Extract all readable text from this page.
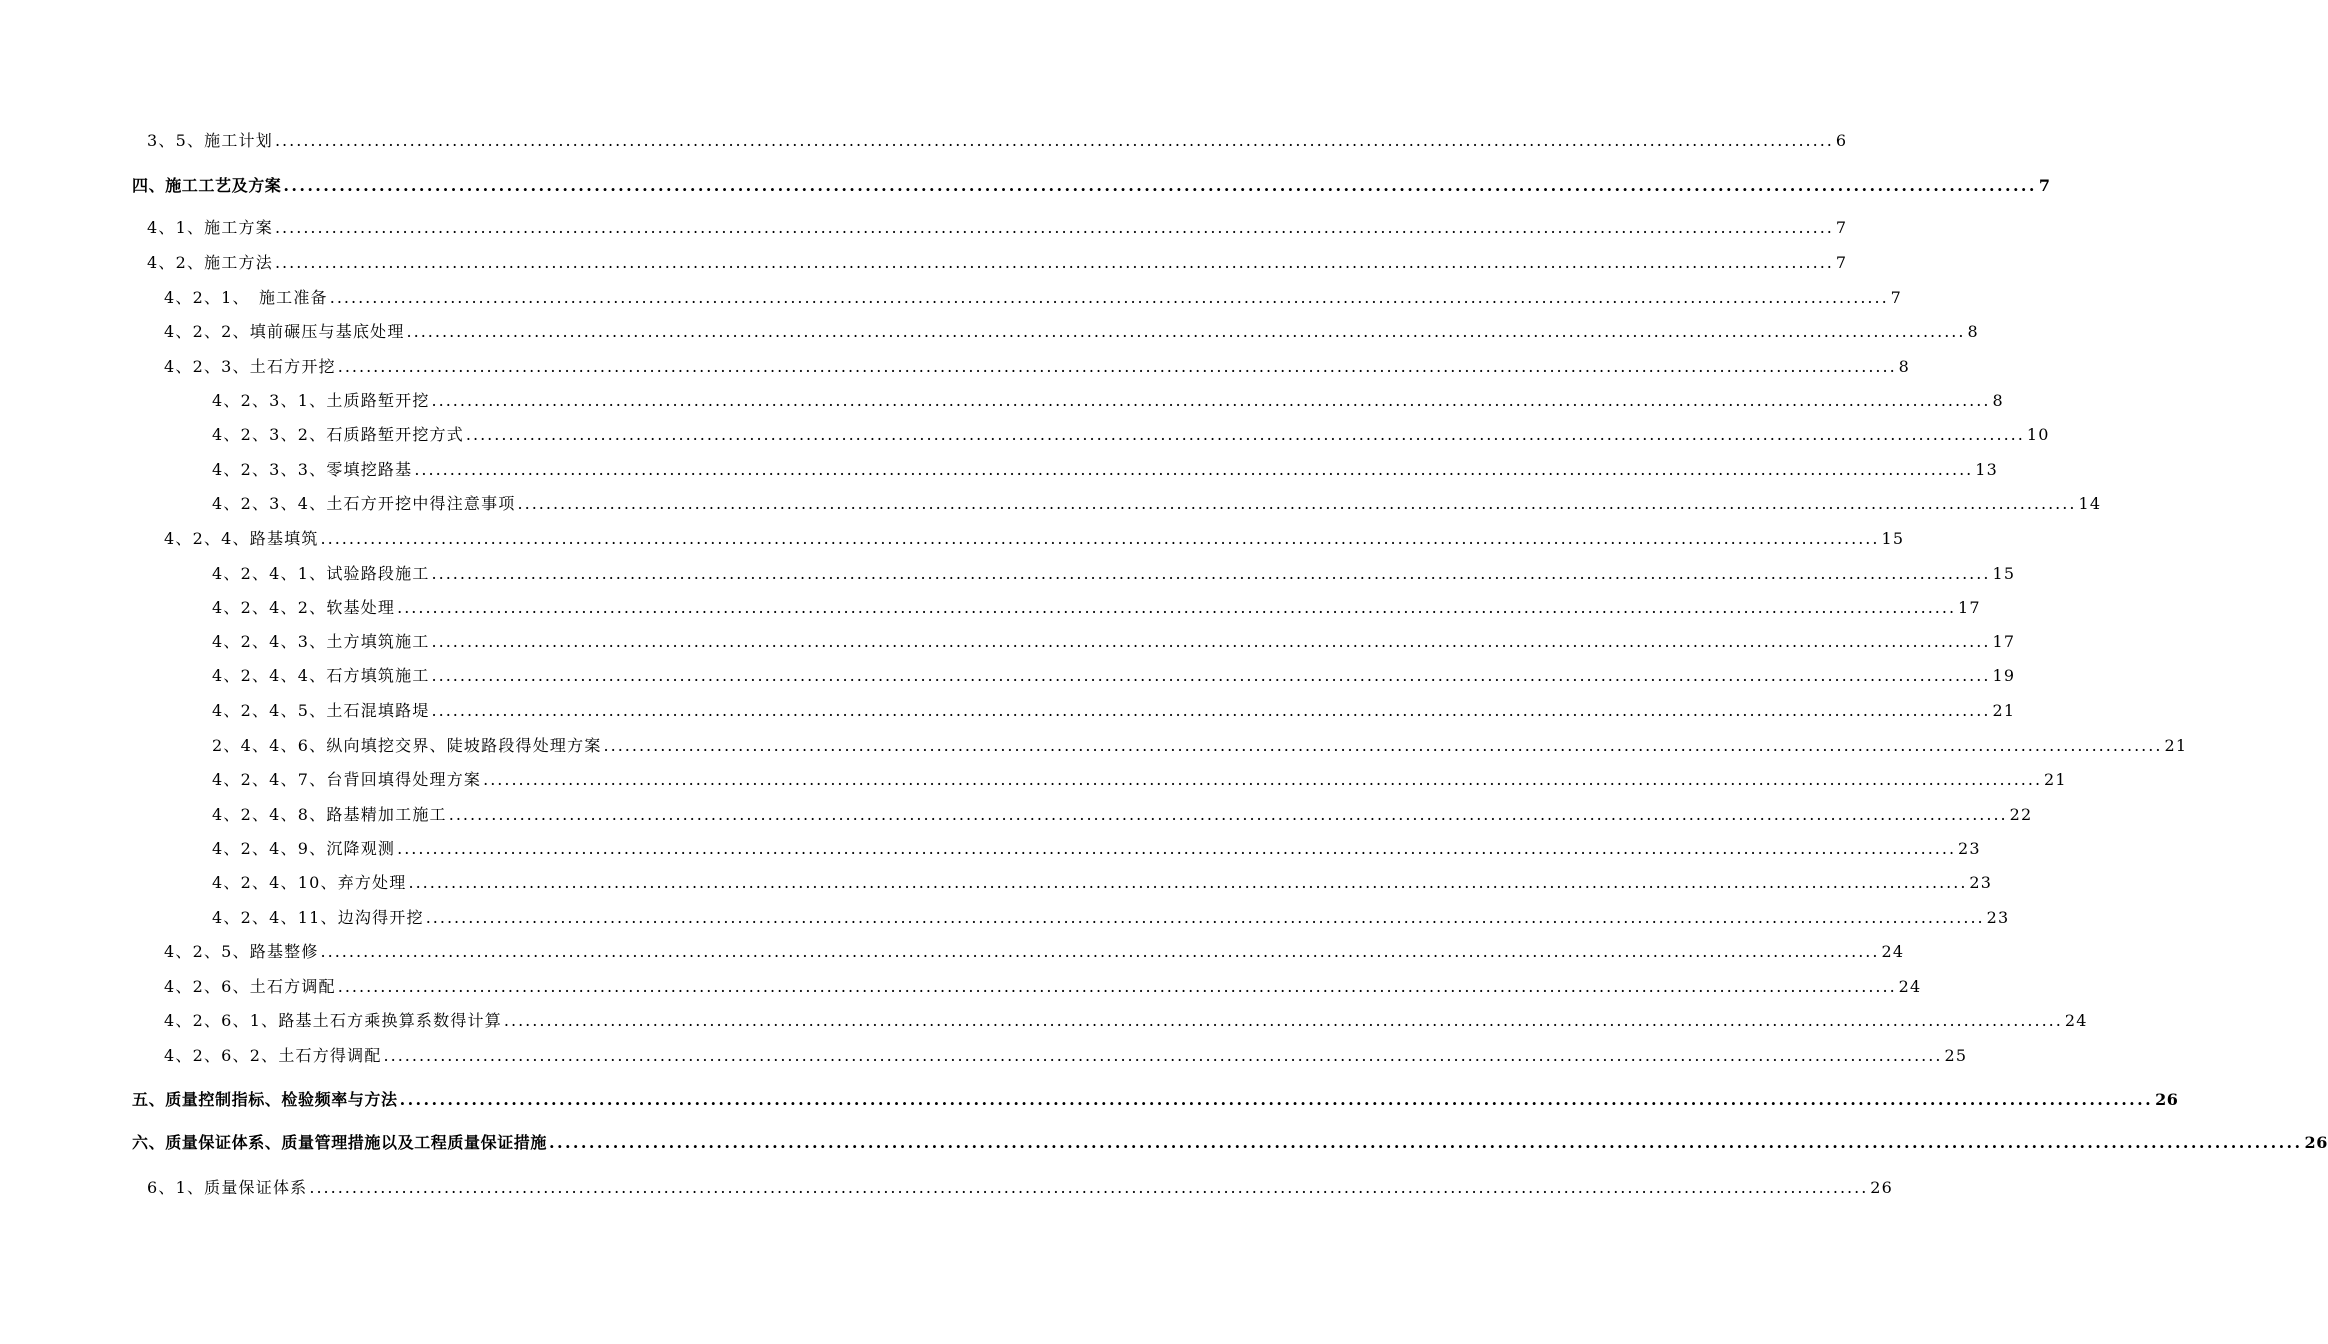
3、5、施工计划 ............................................................................................................................................................................................................................ 6
四、施工工艺及方案 ............................................................................................................................................................................................................................ 7
4、1、施工方案 ............................................................................................................................................................................................................................ 7
4、2、施工方法 ............................................................................................................................................................................................................................ 7
4、2、1、　施工准备 ............................................................................................................................................................................................................................ 7
4、2、2、填前碾压与基底处理 ............................................................................................................................................................................................................................ 8
4、2、3、土石方开挖 ............................................................................................................................................................................................................................ 8
4、2、3、1、土质路堑开挖 ............................................................................................................................................................................................................................ 8
4、2、3、2、石质路堑开挖方式 ............................................................................................................................................................................................................................ 10
4、2、3、3、零填挖路基 ............................................................................................................................................................................................................................ 13
4、2、3、4、土石方开挖中得注意事项 ............................................................................................................................................................................................................................ 14
4、2、4、路基填筑 ............................................................................................................................................................................................................................ 15
4、2、4、1、试验路段施工 ............................................................................................................................................................................................................................ 15
4、2、4、2、软基处理 ............................................................................................................................................................................................................................ 17
4、2、4、3、土方填筑施工 ............................................................................................................................................................................................................................ 17
4、2、4、4、石方填筑施工 ............................................................................................................................................................................................................................ 19
4、2、4、5、土石混填路堤 ............................................................................................................................................................................................................................ 21
2、4、4、6、纵向填挖交界、陡坡路段得处理方案 ............................................................................................................................................................................................................................ 21
4、2、4、7、台背回填得处理方案 ............................................................................................................................................................................................................................ 21
4、2、4、8、路基精加工施工 ............................................................................................................................................................................................................................ 22
4、2、4、9、沉降观测 ............................................................................................................................................................................................................................ 23
4、2、4、10、弃方处理 ............................................................................................................................................................................................................................ 23
4、2、4、11、边沟得开挖 ............................................................................................................................................................................................................................ 23
4、2、5、路基整修 ............................................................................................................................................................................................................................ 24
4、2、6、土石方调配 ............................................................................................................................................................................................................................ 24
4、2、6、1、路基土石方乘换算系数得计算 ............................................................................................................................................................................................................................ 24
4、2、6、2、土石方得调配 ............................................................................................................................................................................................................................ 25
五、质量控制指标、检验频率与方法 ............................................................................................................................................................................................................................ 26
六、质量保证体系、质量管理措施以及工程质量保证措施 ............................................................................................................................................................................................................................ 26
6、1、质量保证体系 ............................................................................................................................................................................................................................ 26
